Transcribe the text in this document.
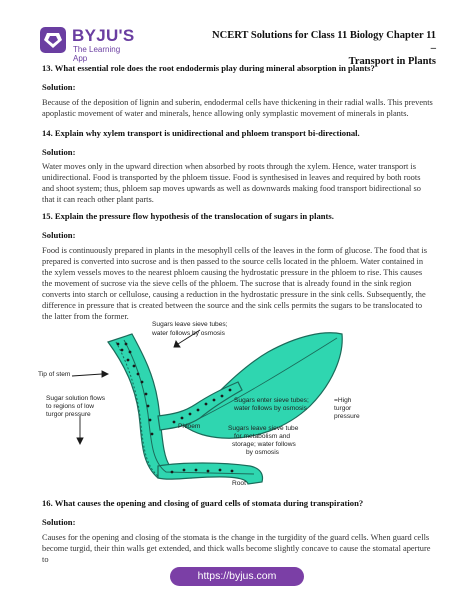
BYJU'S
The Learning App
NCERT Solutions for Class 11 Biology Chapter 11 –
Transport in Plants

13. What essential role does the root endodermis play during mineral absorption in plants?

Solution:

Because of the deposition of lignin and suberin, endodermal cells have thickening in their radial walls. This prevents apoplastic movement of water and minerals, hence allowing only symplastic movement of minerals in plants.

14. Explain why xylem transport is unidirectional and phloem transport bi-directional.

Solution:

Water moves only in the upward direction when absorbed by roots through the xylem. Hence, water transport is unidirectional. Food is transported by the phloem tissue. Food is synthesised in leaves and required by both roots and shoot system; thus, phloem sap moves upwards as well as downwards making food transport bidirectional so that it can reach other plant parts.

15. Explain the pressure flow hypothesis of the translocation of sugars in plants.

Solution:

Food is continuously prepared in plants in the mesophyll cells of the leaves in the form of glucose. The food that is prepared is converted into sucrose and is then passed to the source cells located in the phloem. Water contained in the xylem vessels moves to the nearest phloem causing the hydrostatic pressure in the phloem to rise. This causes the movement of sucrose via the sieve cells of the phloem. The sucrose that is already found in the sink region converts into starch or cellulose, causing a reduction in the hydrostatic pressure in the sink cells. Subsequently, the difference in pressure that is created between the source and the sink cells permits the sugars to be translocated to the latter from the former.

Sugars leave sieve tubes;
water follows by osmosis
Tip of stem
Sugar solution flows
to regions of low
turgor pressure
Sugars enter sieve tubes;
water follows by osmosis
=High
turgor
pressure
Phloem	Sugars leave sieve tube
for metabolism and
storage; water follows
by osmosis
Root

16. What causes the opening and closing of guard cells of stomata during transpiration?

Solution:

Causes for the opening and closing of the stomata is the change in the turgidity of the guard cells. When guard cells become turgid, their thin walls get extended, and thick walls become slightly concave to cause the stomatal aperture to

https://byjus.com
